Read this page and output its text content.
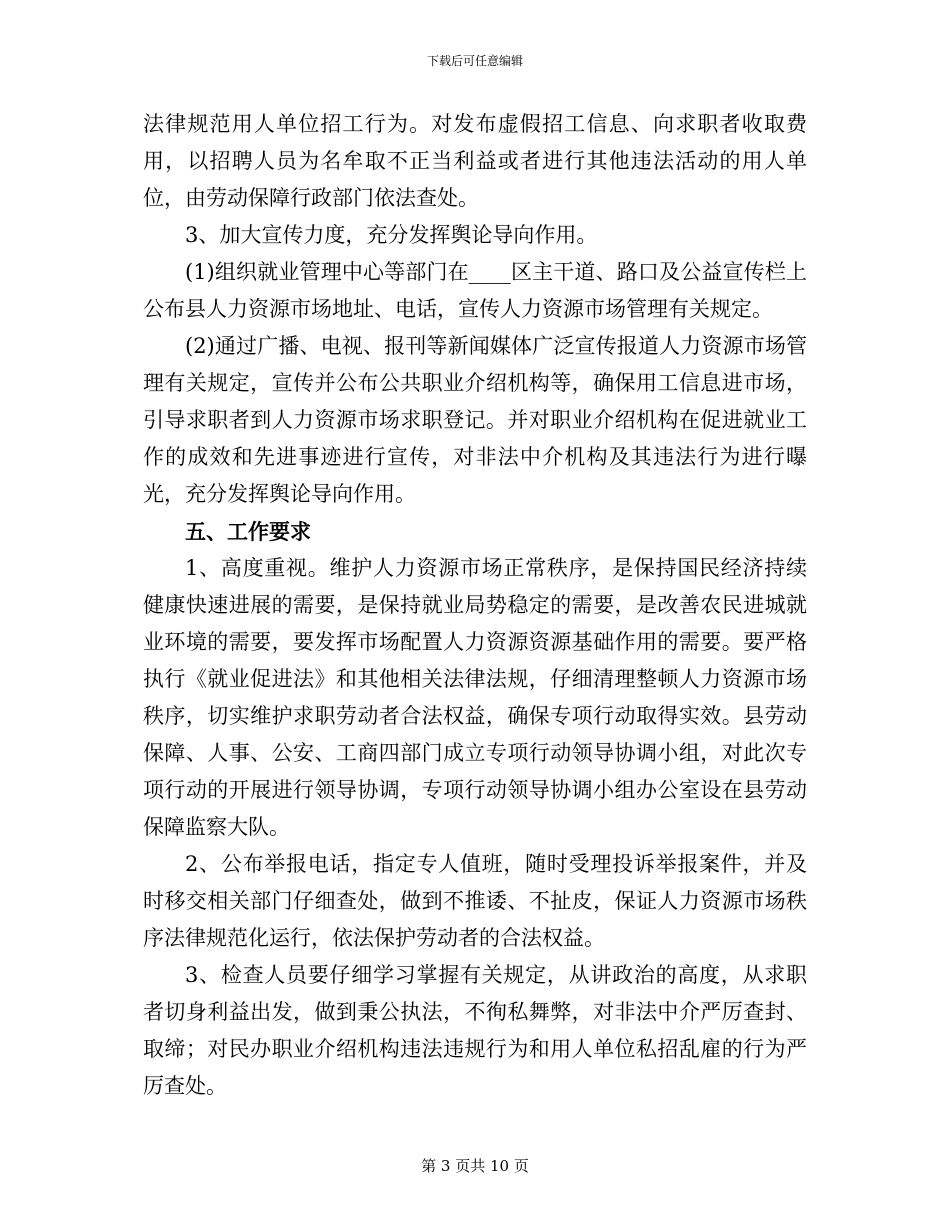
下载后可任意编辑

法律规范用人单位招工行为。对发布虚假招工信息、向求职者收取费用，以招聘人员为名牟取不正当利益或者进行其他违法活动的用人单位，由劳动保障行政部门依法查处。

3、加大宣传力度，充分发挥舆论导向作用。

(1)组织就业管理中心等部门在____区主干道、路口及公益宣传栏上公布县人力资源市场地址、电话，宣传人力资源市场管理有关规定。

(2)通过广播、电视、报刊等新闻媒体广泛宣传报道人力资源市场管理有关规定，宣传并公布公共职业介绍机构等，确保用工信息进市场，引导求职者到人力资源市场求职登记。并对职业介绍机构在促进就业工作的成效和先进事迹进行宣传，对非法中介机构及其违法行为进行曝光，充分发挥舆论导向作用。

五、工作要求

1、高度重视。维护人力资源市场正常秩序，是保持国民经济持续健康快速进展的需要，是保持就业局势稳定的需要，是改善农民进城就业环境的需要，要发挥市场配置人力资源资源基础作用的需要。要严格执行《就业促进法》和其他相关法律法规，仔细清理整顿人力资源市场秩序，切实维护求职劳动者合法权益，确保专项行动取得实效。县劳动保障、人事、公安、工商四部门成立专项行动领导协调小组，对此次专项行动的开展进行领导协调，专项行动领导协调小组办公室设在县劳动保障监察大队。

2、公布举报电话，指定专人值班，随时受理投诉举报案件，并及时移交相关部门仔细查处，做到不推诿、不扯皮，保证人力资源市场秩序法律规范化运行，依法保护劳动者的合法权益。

3、检查人员要仔细学习掌握有关规定，从讲政治的高度，从求职者切身利益出发，做到秉公执法，不徇私舞弊，对非法中介严厉查封、取缔；对民办职业介绍机构违法违规行为和用人单位私招乱雇的行为严厉查处。

第 3 页共 10 页
